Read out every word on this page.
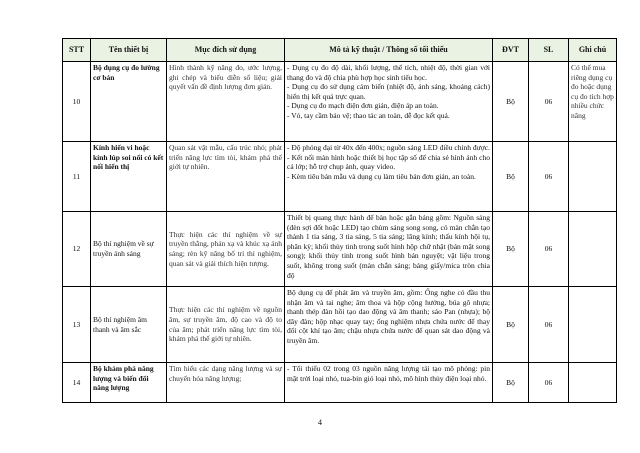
STT	Tên thiết bị	Mục đích sử dụng	Mô tả kỹ thuật / Thông số tối thiểu	ĐVT	SL	Ghi chú
10	Bộ dụng cụ đo lường cơ bản	Hình thành kỹ năng đo, ước lượng, ghi chép và biểu diễn số liệu; giải quyết vấn đề định lượng đơn giản.	- Dụng cụ đo độ dài, khối lượng, thể tích, nhiệt độ, thời gian với thang đo và độ chia phù hợp học sinh tiểu học.
- Dụng cụ đo sử dụng cảm biến (nhiệt độ, ánh sáng, khoảng cách) hiển thị kết quả trực quan.
- Dụng cụ đo mạch điện đơn giản, điện áp an toàn.
- Vỏ, tay cầm bảo vệ; thao tác an toàn, dễ đọc kết quả.	Bộ	06	Có thể mua riêng dụng cụ đo hoặc dụng cụ đo tích hợp nhiều chức năng
11	Kính hiển vi hoặc kính lúp soi nổi có kết nối hiển thị	Quan sát vật mẫu, cấu trúc nhỏ; phát triển năng lực tìm tòi, khám phá thế giới tự nhiên.	- Độ phóng đại từ 40x đến 400x; nguồn sáng LED điều chỉnh được.
- Kết nối màn hình hoặc thiết bị học tập số để chia sẻ hình ảnh cho cả lớp; hỗ trợ chụp ảnh, quay video.
- Kèm tiêu bản mẫu và dụng cụ làm tiêu bản đơn giản, an toàn.	Bộ	06	
12	Bộ thí nghiệm về sự truyền ánh sáng	Thực hiện các thí nghiệm về sự truyền thẳng, phản xạ và khúc xạ ánh sáng; rèn kỹ năng bố trí thí nghiệm, quan sát và giải thích hiện tượng.	Thiết bị quang thực hành để bàn hoặc gắn bảng gồm: Nguồn sáng (đèn sợi đốt hoặc LED) tạo chùm sáng song song, có màn chắn tạo thành 1 tia sáng, 3 tia sáng, 5 tia sáng; lăng kính; thấu kính hội tụ, phân kỳ; khối thủy tinh trong suốt hình hộp chữ nhật (bán mặt song song); khối thủy tinh trong suốt hình bán nguyệt; vật liệu trong suốt, không trong suốt (màn chắn sáng; bảng giấy/mica tròn chia độ	Bộ	06	
13	Bộ thí nghiệm âm thanh và âm sắc	Thực hiện các thí nghiệm về nguồn âm, sự truyền âm, độ cao và độ to của âm; phát triển năng lực tìm tòi, khám phá thế giới tự nhiên.	Bộ dụng cụ để phát âm và truyền âm, gồm: Ống nghe có đầu thu nhận âm và tai nghe; âm thoa và hộp cộng hưởng, búa gõ nhựa; thanh thép đàn hồi tạo dao động và âm thanh; sáo Pan (nhựa); bộ dây đàn; hộp nhạc quay tay; ống nghiệm nhựa chứa nước để thay đổi cột khí tạo âm; chậu nhựa chứa nước để quan sát dao động và truyền âm.	Bộ	06	
14	Bộ khám phá năng lượng và biến đổi năng lượng	Tìm hiểu các dạng năng lượng và sự chuyển hóa năng lượng;	- Tối thiểu 02 trong 03 nguồn năng lượng tái tạo mô phỏng: pin mặt trời loại nhỏ, tua-bin gió loại nhỏ, mô hình thủy điện loại nhỏ.	Bộ	06	
4
